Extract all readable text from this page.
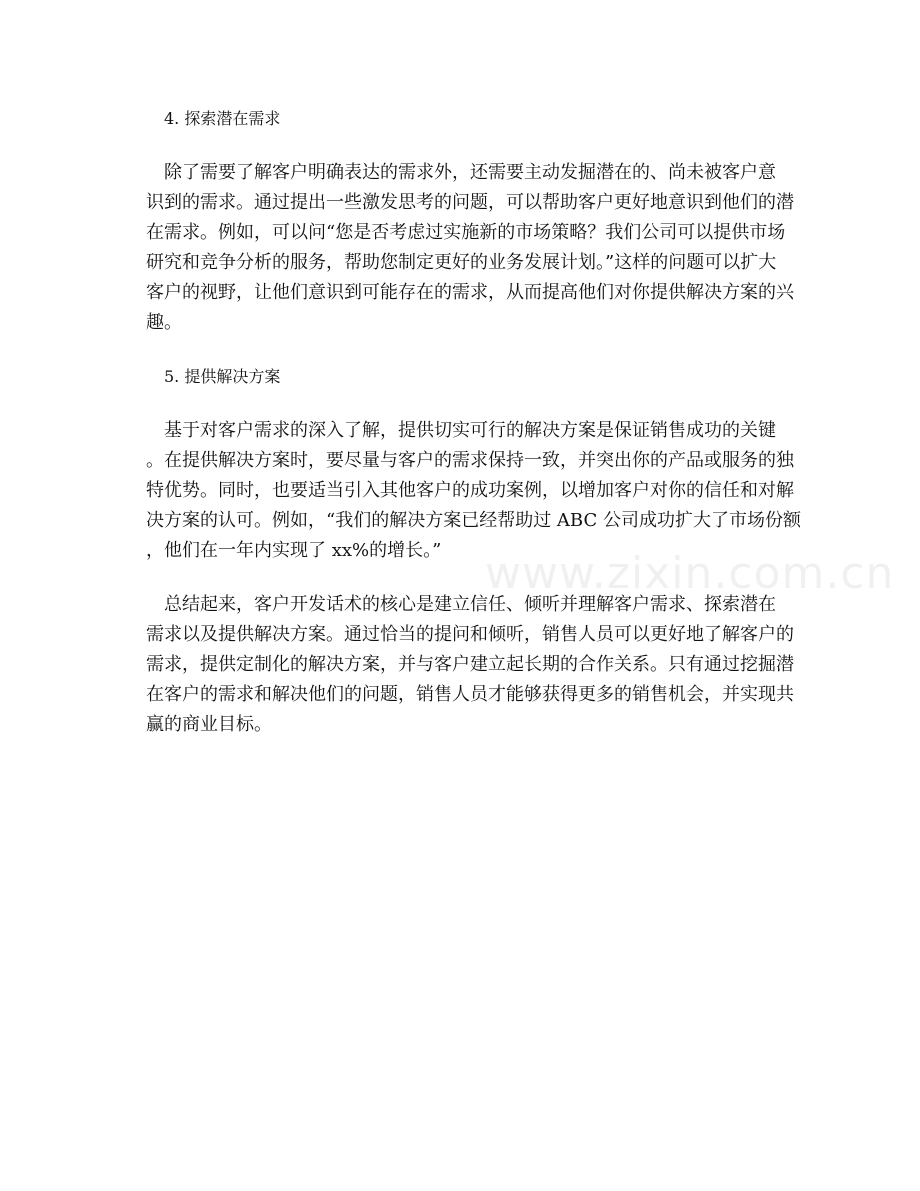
4. 探索潜在需求
除了需要了解客户明确表达的需求外，还需要主动发掘潜在的、尚未被客户意
识到的需求。通过提出一些激发思考的问题，可以帮助客户更好地意识到他们的潜
在需求。例如，可以问“您是否考虑过实施新的市场策略？我们公司可以提供市场
研究和竞争分析的服务，帮助您制定更好的业务发展计划。”这样的问题可以扩大
客户的视野，让他们意识到可能存在的需求，从而提高他们对你提供解决方案的兴
趣。
5. 提供解决方案
基于对客户需求的深入了解，提供切实可行的解决方案是保证销售成功的关键
。在提供解决方案时，要尽量与客户的需求保持一致，并突出你的产品或服务的独
特优势。同时，也要适当引入其他客户的成功案例，以增加客户对你的信任和对解
决方案的认可。例如，“我们的解决方案已经帮助过 ABC 公司成功扩大了市场份额
，他们在一年内实现了 xx%的增长。”
总结起来，客户开发话术的核心是建立信任、倾听并理解客户需求、探索潜在
需求以及提供解决方案。通过恰当的提问和倾听，销售人员可以更好地了解客户的
需求，提供定制化的解决方案，并与客户建立起长期的合作关系。只有通过挖掘潜
在客户的需求和解决他们的问题，销售人员才能够获得更多的销售机会，并实现共
赢的商业目标。
www.zixin.com.cn
